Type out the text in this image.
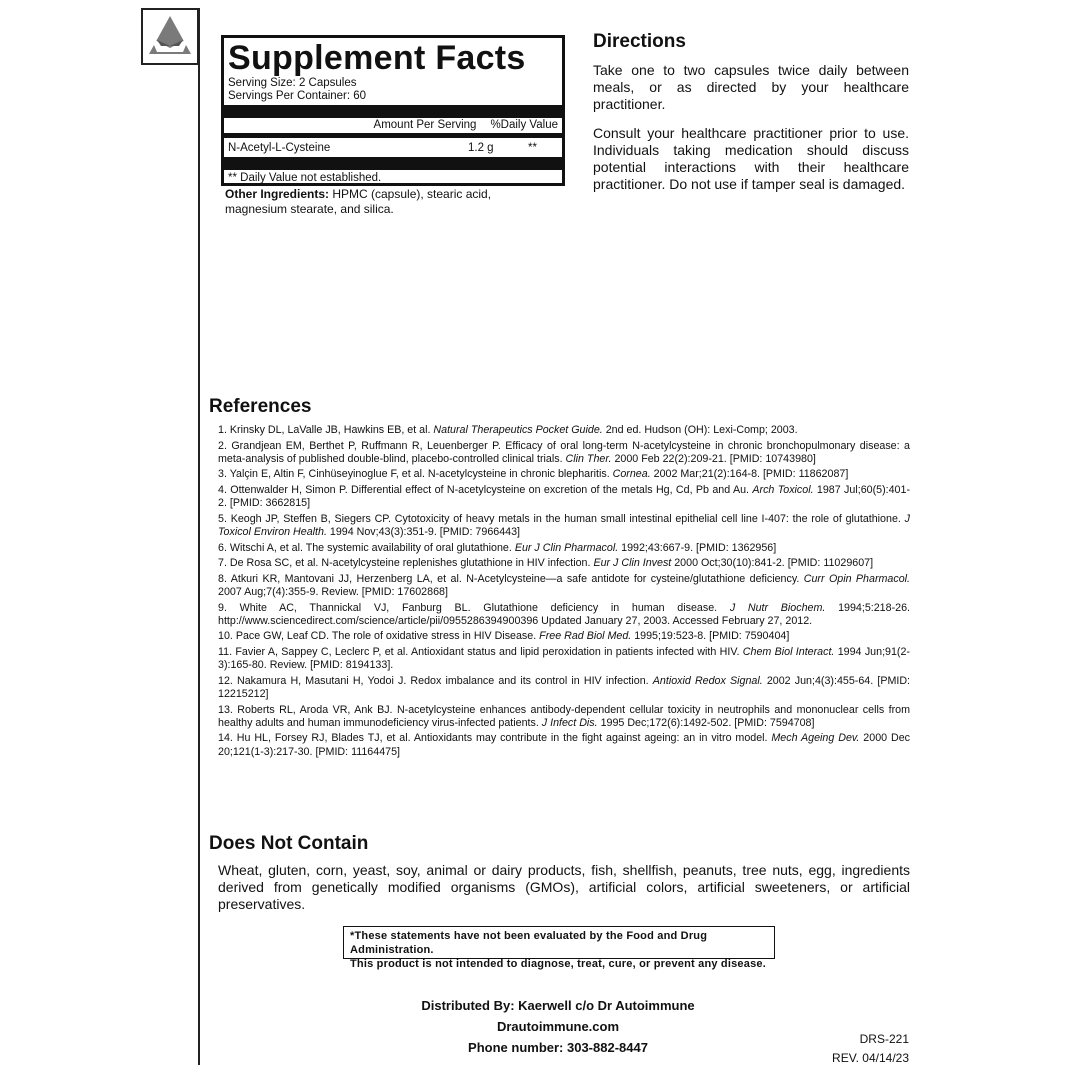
Supplement Facts
Serving Size: 2 Capsules
Servings Per Container: 60
Amount Per Serving %Daily Value
N-Acetyl-L-Cysteine	1.2 g	**
** Daily Value not established.
Other Ingredients: HPMC (capsule), stearic acid, magnesium stearate, and silica.
Directions

Take one to two capsules twice daily between meals, or as directed by your healthcare practitioner.

Consult your healthcare practitioner prior to use. Individuals taking medication should discuss potential interactions with their healthcare practitioner. Do not use if tamper seal is damaged.

References
1. Krinsky DL, LaValle JB, Hawkins EB, et al. Natural Therapeutics Pocket Guide. 2nd ed. Hudson (OH): Lexi-Comp; 2003.
2. Grandjean EM, Berthet P, Ruffmann R, Leuenberger P. Efficacy of oral long-term N-acetylcysteine in chronic bronchopulmonary disease: a meta-analysis of published double-blind, placebo-controlled clinical trials. Clin Ther. 2000 Feb 22(2):209-21. [PMID: 10743980]
3. Yalçin E, Altin F, Cinhüseyinoglue F, et al. N-acetylcysteine in chronic blepharitis. Cornea. 2002 Mar;21(2):164-8. [PMID: 11862087]
4. Ottenwalder H, Simon P. Differential effect of N-acetylcysteine on excretion of the metals Hg, Cd, Pb and Au. Arch Toxicol. 1987 Jul;60(5):401-2. [PMID: 3662815]
5. Keogh JP, Steffen B, Siegers CP. Cytotoxicity of heavy metals in the human small intestinal epithelial cell line I-407: the role of glutathione. J Toxicol Environ Health. 1994 Nov;43(3):351-9. [PMID: 7966443]
6. Witschi A, et al. The systemic availability of oral glutathione. Eur J Clin Pharmacol. 1992;43:667-9. [PMID: 1362956]
7. De Rosa SC, et al. N-acetylcysteine replenishes glutathione in HIV infection. Eur J Clin Invest 2000 Oct;30(10):841-2. [PMID: 11029607]
8. Atkuri KR, Mantovani JJ, Herzenberg LA, et al. N-Acetylcysteine—a safe antidote for cysteine/glutathione deficiency. Curr Opin Pharmacol. 2007 Aug;7(4):355-9. Review. [PMID: 17602868]
9. White AC, Thannickal VJ, Fanburg BL. Glutathione deficiency in human disease. J Nutr Biochem. 1994;5:218-26. http://www.sciencedirect.com/science/article/pii/0955286394900396 Updated January 27, 2003. Accessed February 27, 2012.
10. Pace GW, Leaf CD. The role of oxidative stress in HIV Disease. Free Rad Biol Med. 1995;19:523-8. [PMID: 7590404]
11. Favier A, Sappey C, Leclerc P, et al. Antioxidant status and lipid peroxidation in patients infected with HIV. Chem Biol Interact. 1994 Jun;91(2-3):165-80. Review. [PMID: 8194133].
12. Nakamura H, Masutani H, Yodoi J. Redox imbalance and its control in HIV infection. Antioxid Redox Signal. 2002 Jun;4(3):455-64. [PMID: 12215212]
13. Roberts RL, Aroda VR, Ank BJ. N-acetylcysteine enhances antibody-dependent cellular toxicity in neutrophils and mononuclear cells from healthy adults and human immunodeficiency virus-infected patients. J Infect Dis. 1995 Dec;172(6):1492-502. [PMID: 7594708]
14. Hu HL, Forsey RJ, Blades TJ, et al. Antioxidants may contribute in the fight against ageing: an in vitro model. Mech Ageing Dev. 2000 Dec 20;121(1-3):217-30. [PMID: 11164475]
Does Not Contain
Wheat, gluten, corn, yeast, soy, animal or dairy products, fish, shellfish, peanuts, tree nuts, egg, ingredients derived from genetically modified organisms (GMOs), artificial colors, artificial sweeteners, or artificial preservatives.
*These statements have not been evaluated by the Food and Drug Administration.
This product is not intended to diagnose, treat, cure, or prevent any disease.
Distributed By: Kaerwell c/o Dr Autoimmune
Drautoimmune.com
Phone number: 303-882-8447
DRS-221
REV. 04/14/23
